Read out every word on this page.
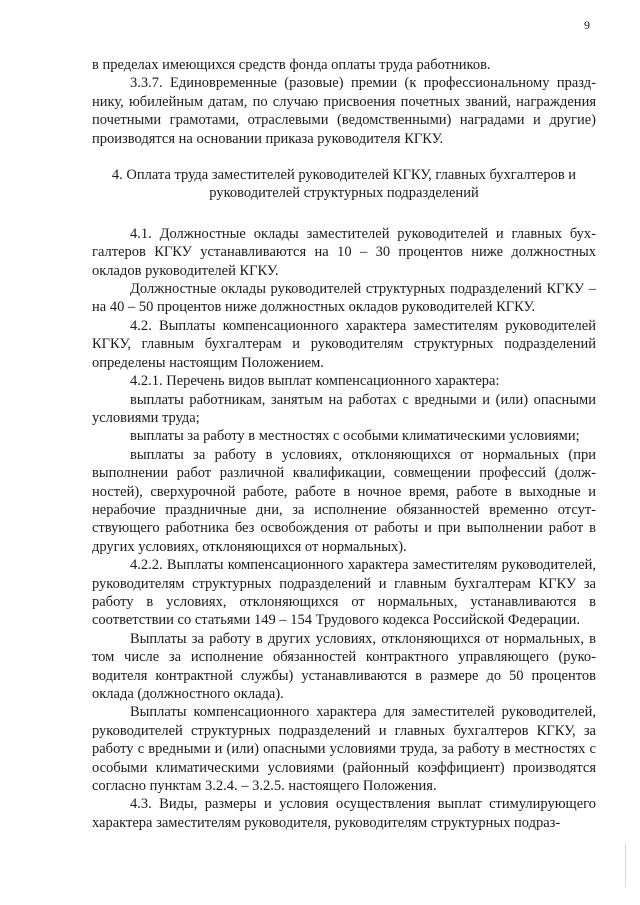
9

в пределах имеющихся средств фонда оплаты труда работников.

3.3.7. Единовременные (разовые) премии (к профессиональному празднику, юбилейным датам, по случаю присвоения почетных званий, награждения почетными грамотами, отраслевыми (ведомственными) наградами и другие) производятся на основании приказа руководителя КГКУ.

4. Оплата труда заместителей руководителей КГКУ, главных бухгалтеров и руководителей структурных подразделений

4.1. Должностные оклады заместителей руководителей и главных бухгалтеров КГКУ устанавливаются на 10 – 30 процентов ниже должностных окладов руководителей КГКУ.

Должностные оклады руководителей структурных подразделений КГКУ – на 40 – 50 процентов ниже должностных окладов руководителей КГКУ.

4.2. Выплаты компенсационного характера заместителям руководителей КГКУ, главным бухгалтерам и руководителям структурных подразделений определены настоящим Положением.

4.2.1. Перечень видов выплат компенсационного характера:

выплаты работникам, занятым на работах с вредными и (или) опасными условиями труда;

выплаты за работу в местностях с особыми климатическими условиями;

выплаты за работу в условиях, отклоняющихся от нормальных (при выполнении работ различной квалификации, совмещении профессий (должностей), сверхурочной работе, работе в ночное время, работе в выходные и нерабочие праздничные дни, за исполнение обязанностей временно отсутствующего работника без освобождения от работы и при выполнении работ в других условиях, отклоняющихся от нормальных).

4.2.2. Выплаты компенсационного характера заместителям руководителей, руководителям структурных подразделений и главным бухгалтерам КГКУ за работу в условиях, отклоняющихся от нормальных, устанавливаются в соответствии со статьями 149 – 154 Трудового кодекса Российской Федерации.

Выплаты за работу в других условиях, отклоняющихся от нормальных, в том числе за исполнение обязанностей контрактного управляющего (руководителя контрактной службы) устанавливаются в размере до 50 процентов оклада (должностного оклада).

Выплаты компенсационного характера для заместителей руководителей, руководителей структурных подразделений и главных бухгалтеров КГКУ, за работу с вредными и (или) опасными условиями труда, за работу в местностях с особыми климатическими условиями (районный коэффициент) производятся согласно пунктам 3.2.4. – 3.2.5. настоящего Положения.

4.3. Виды, размеры и условия осуществления выплат стимулирующего характера заместителям руководителя, руководителям структурных подраз-
